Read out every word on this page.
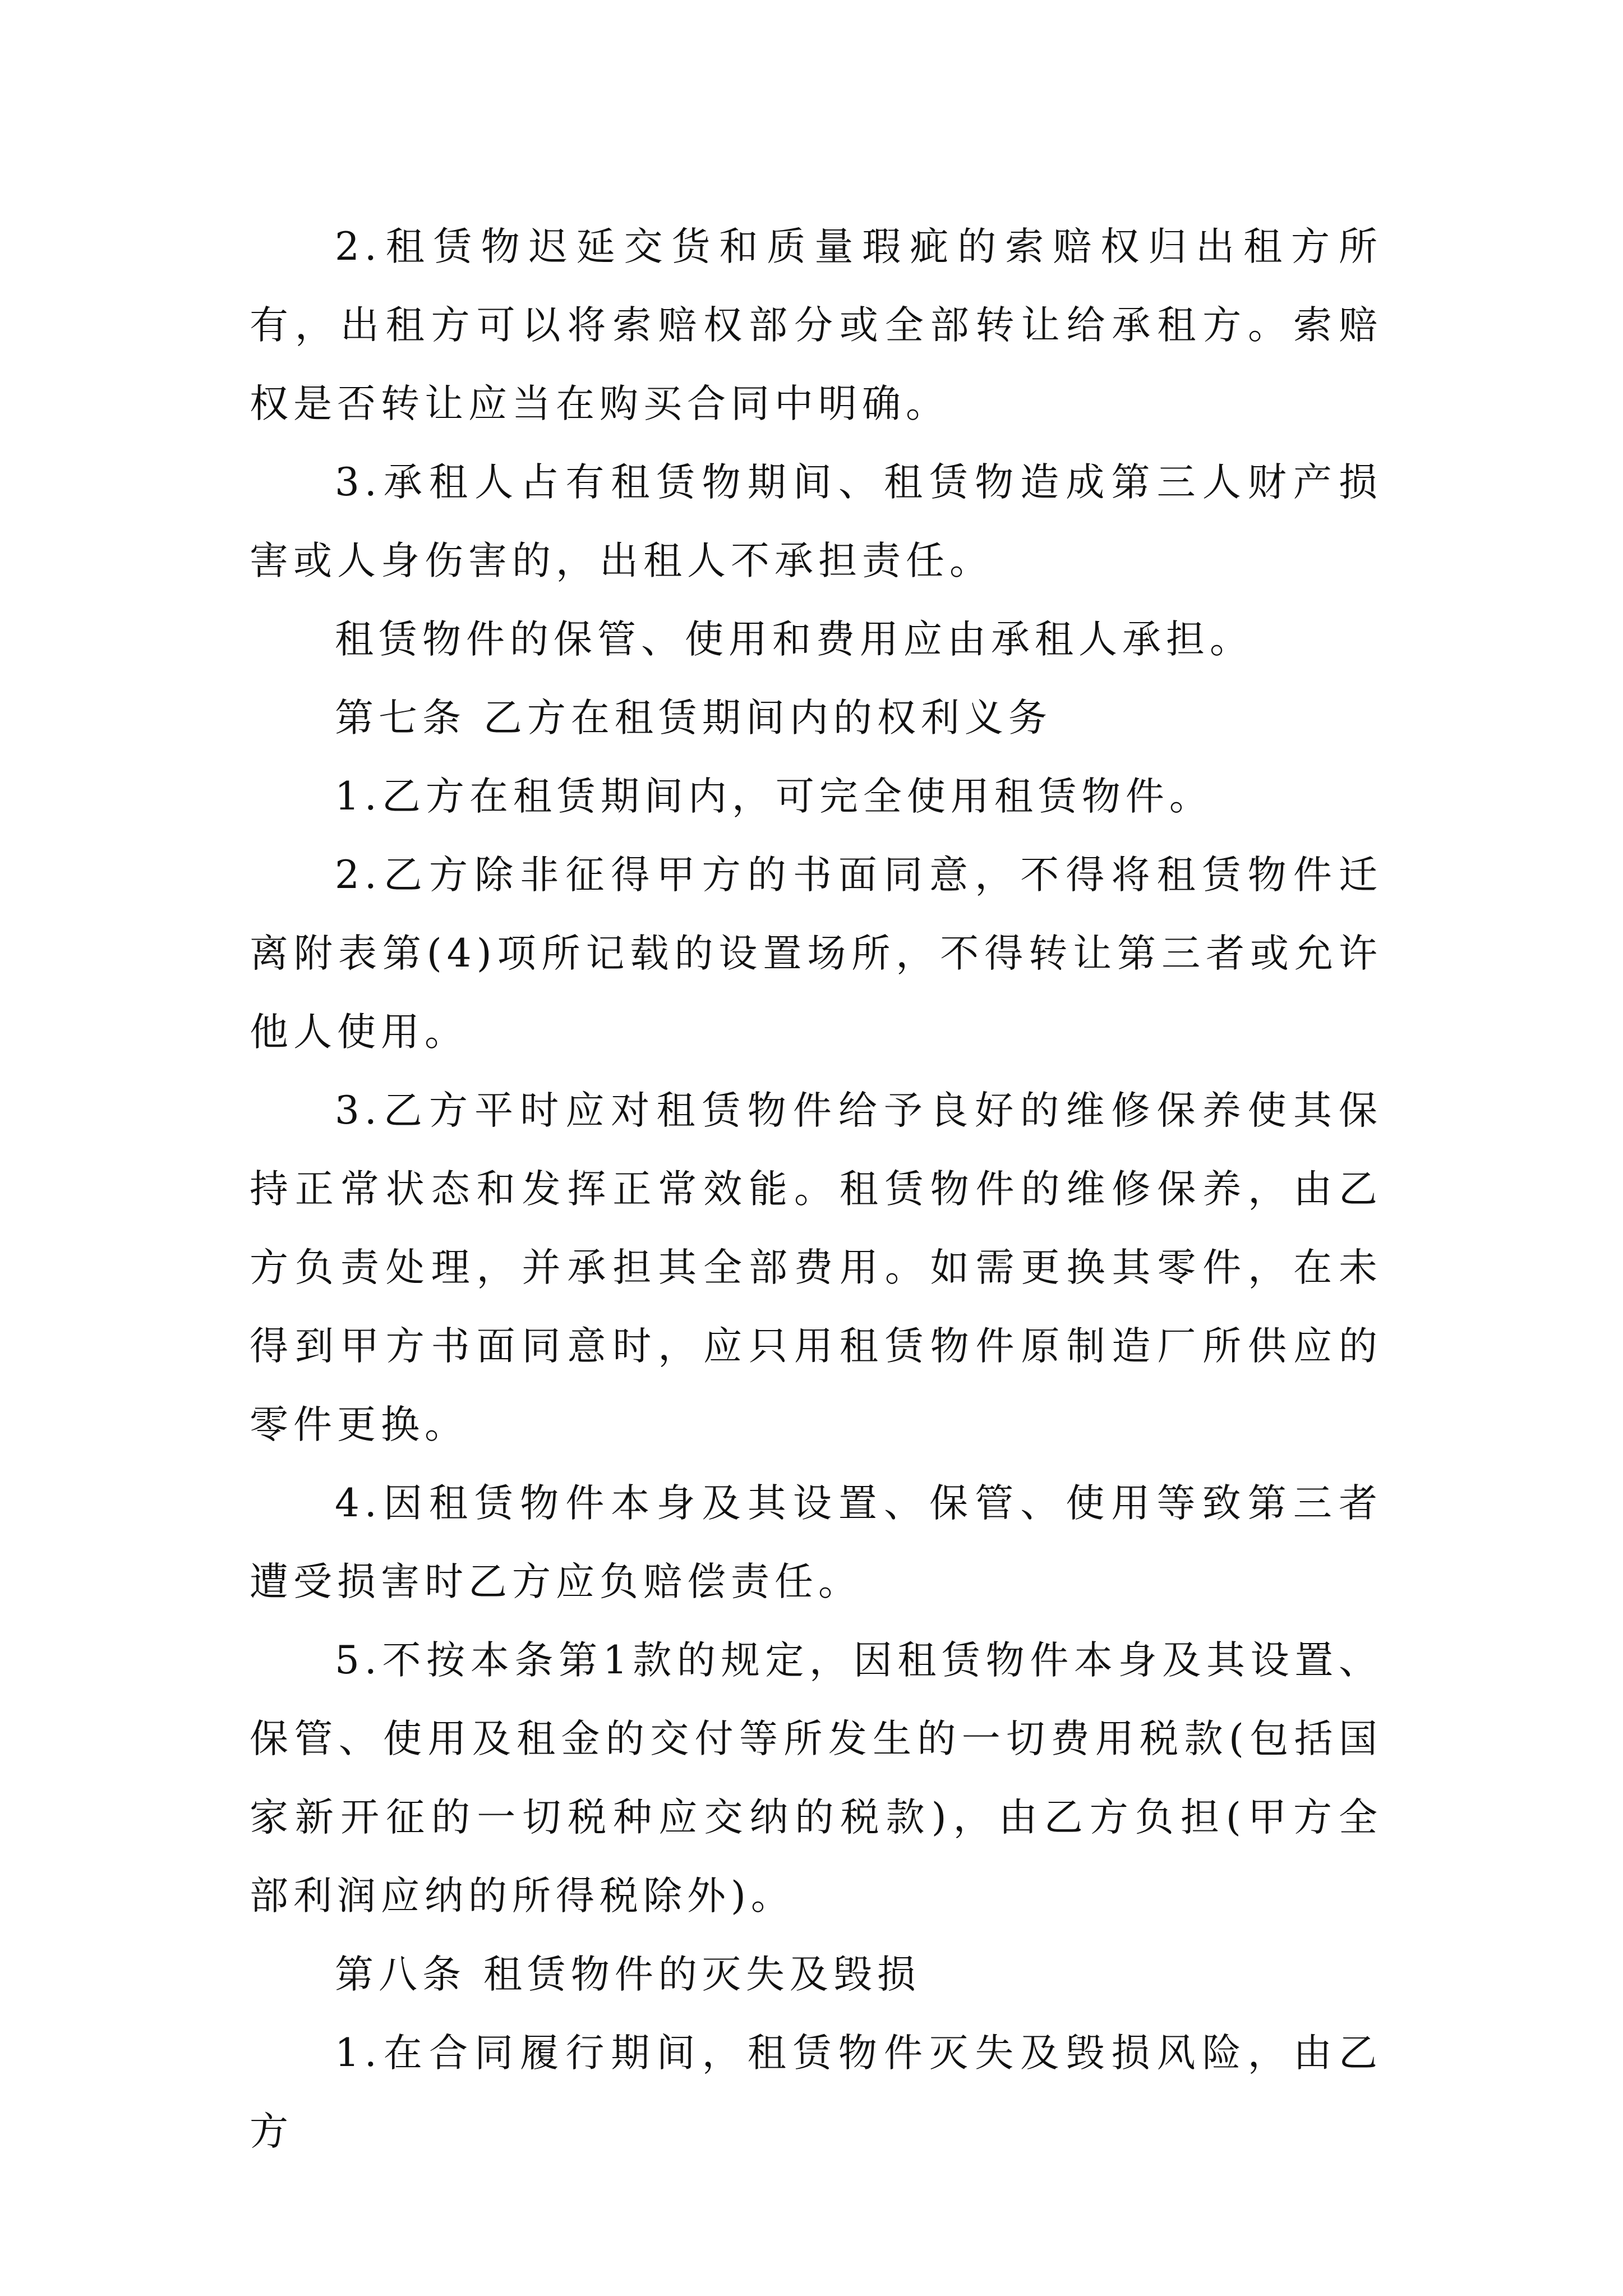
2.租赁物迟延交货和质量瑕疵的索赔权归出租方所有，出租方可以将索赔权部分或全部转让给承租方。索赔权是否转让应当在购买合同中明确。

3.承租人占有租赁物期间、租赁物造成第三人财产损害或人身伤害的，出租人不承担责任。

租赁物件的保管、使用和费用应由承租人承担。

第七条 乙方在租赁期间内的权利义务

1.乙方在租赁期间内，可完全使用租赁物件。

2.乙方除非征得甲方的书面同意，不得将租赁物件迁离附表第(4)项所记载的设置场所，不得转让第三者或允许他人使用。

3.乙方平时应对租赁物件给予良好的维修保养使其保持正常状态和发挥正常效能。租赁物件的维修保养，由乙方负责处理，并承担其全部费用。如需更换其零件，在未得到甲方书面同意时，应只用租赁物件原制造厂所供应的零件更换。

4.因租赁物件本身及其设置、保管、使用等致第三者遭受损害时乙方应负赔偿责任。

5.不按本条第1款的规定，因租赁物件本身及其设置、保管、使用及租金的交付等所发生的一切费用税款(包括国家新开征的一切税种应交纳的税款)，由乙方负担(甲方全部利润应纳的所得税除外)。

第八条 租赁物件的灭失及毁损

1.在合同履行期间，租赁物件灭失及毁损风险，由乙方
